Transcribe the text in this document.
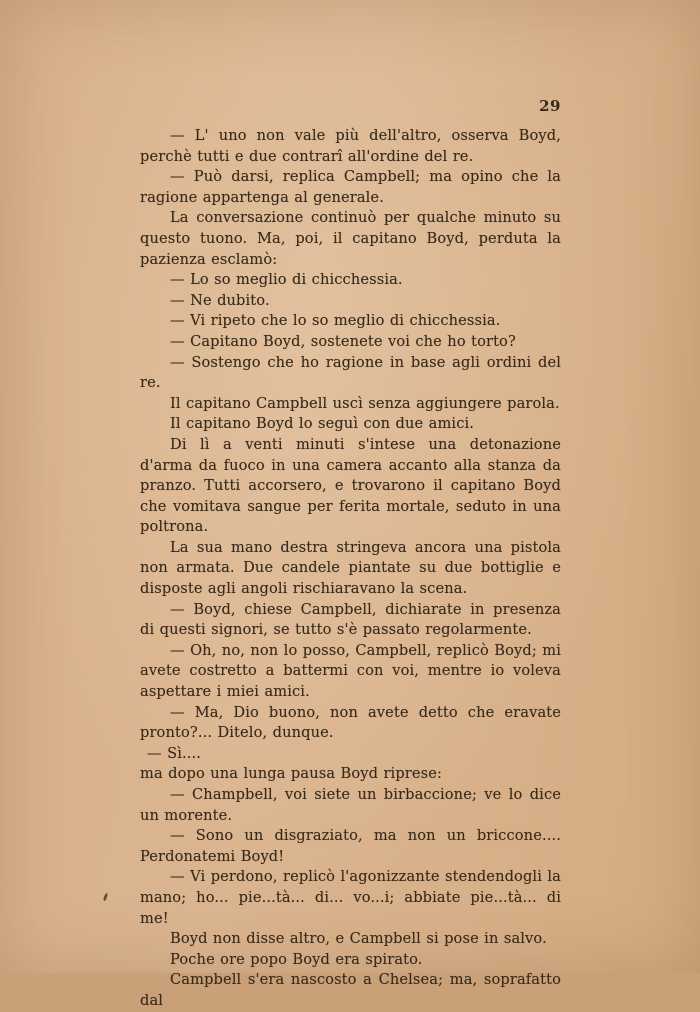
29

— L' uno non vale più dell'altro, osserva Boyd, perchè tutti e due contrarî all'ordine del re.

— Può darsi, replica Campbell; ma opino che la ragione appartenga al generale.

La conversazione continuò per qualche minuto su questo tuono. Ma, poi, il capitano Boyd, perduta la pazienza esclamò:

— Lo so meglio di chicchessia.

— Ne dubito.

— Vi ripeto che lo so meglio di chicchessia.

— Capitano Boyd, sostenete voi che ho torto?

— Sostengo che ho ragione in base agli ordini del re.

Il capitano Campbell uscì senza aggiungere parola.

Il capitano Boyd lo seguì con due amici.

Di lì a venti minuti s'intese una detonazione d'arma da fuoco in una camera accanto alla stanza da pranzo. Tutti accorsero, e trovarono il capitano Boyd che vomitava sangue per ferita mortale, seduto in una poltrona.

La sua mano destra stringeva ancora una pistola non armata. Due candele piantate su due bottiglie e disposte agli angoli rischiaravano la scena.

— Boyd, chiese Campbell, dichiarate in presenza di questi signori, se tutto s'è passato regolarmente.

— Oh, no, non lo posso, Campbell, replicò Boyd; mi avete costretto a battermi con voi, mentre io voleva aspettare i miei amici.

— Ma, Dio buono, non avete detto che eravate pronto?... Ditelo, dunque.

— Sì....

ma dopo una lunga pausa Boyd riprese:

— Champbell, voi siete un birbaccione; ve lo dice un morente.

— Sono un disgraziato, ma non un briccone.... Perdonatemi Boyd!

— Vi perdono, replicò l'agonizzante stendendogli la mano; ho... pie...tà... di... vo...i; abbiate pie...tà... di me!

Boyd non disse altro, e Campbell si pose in salvo.

Poche ore popo Boyd era spirato.

Campbell s'era nascosto a Chelsea; ma, soprafatto dal
